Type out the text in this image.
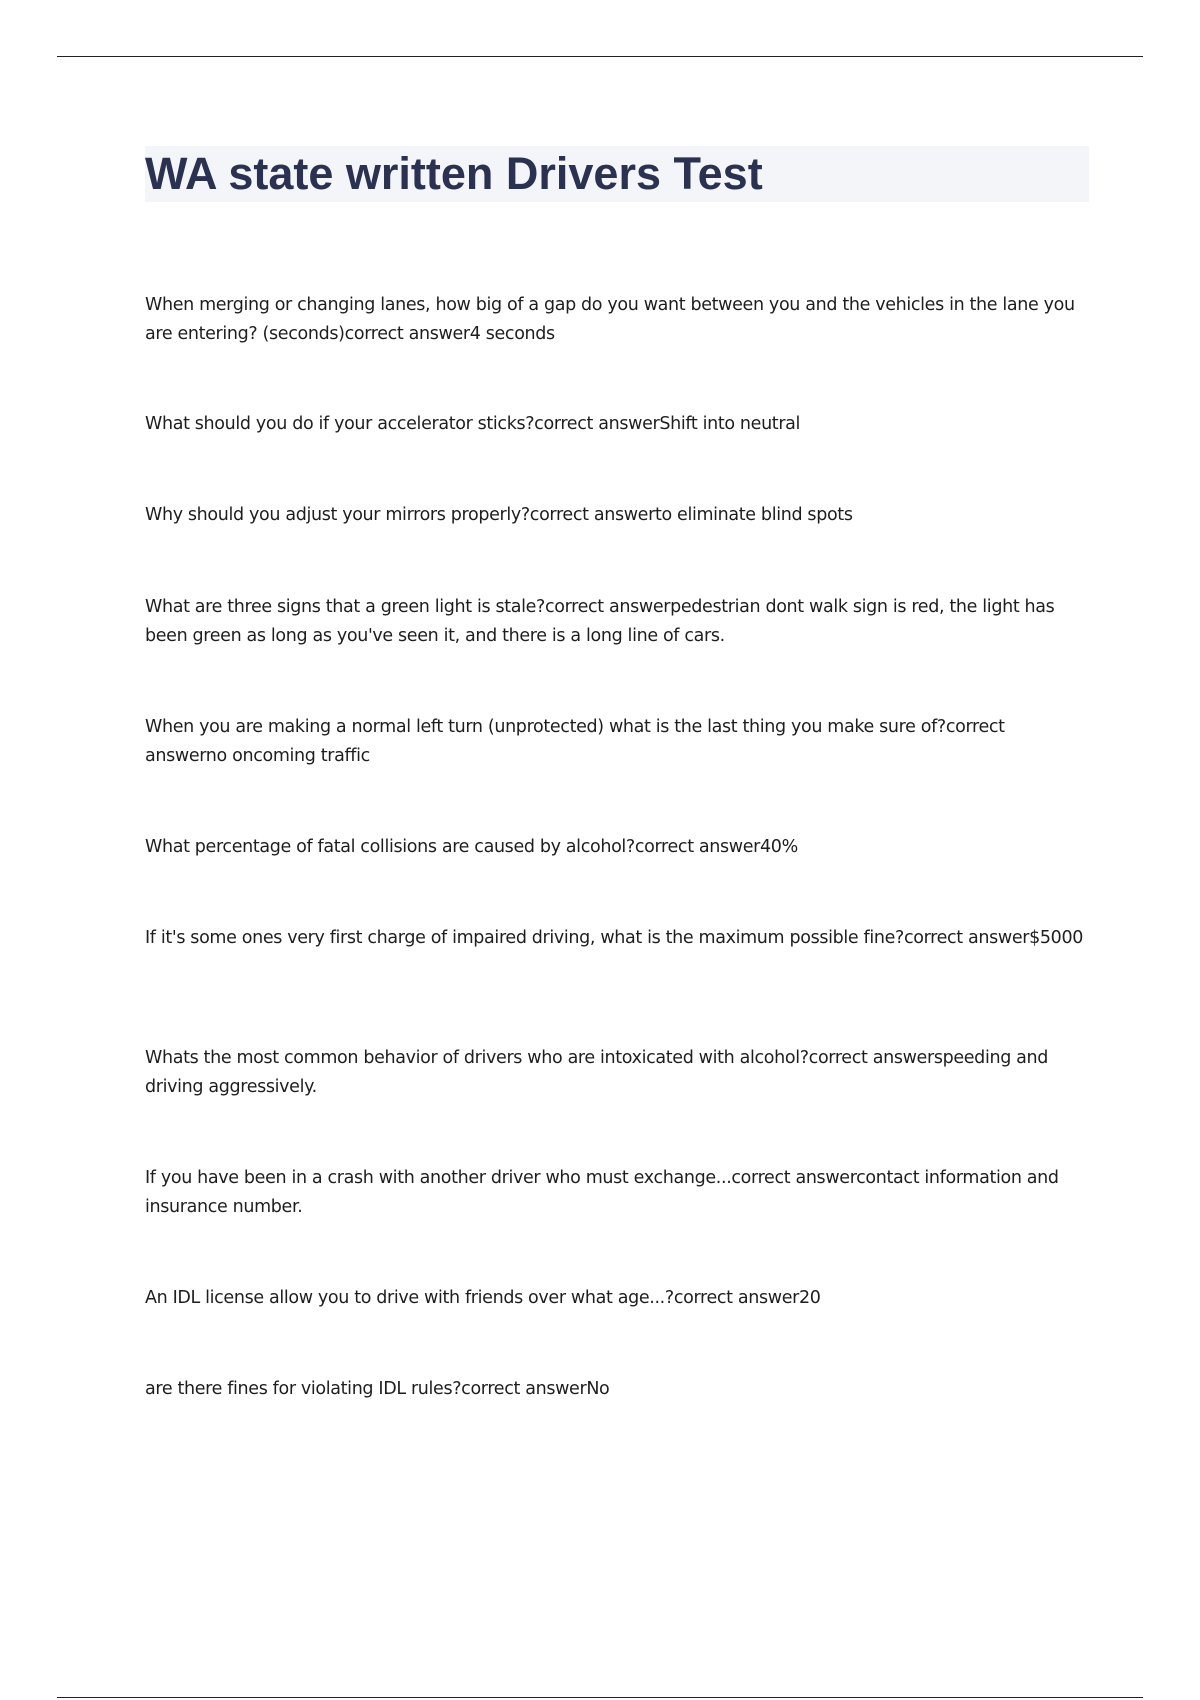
WA state written Drivers Test

When merging or changing lanes, how big of a gap do you want between you and the vehicles in the lane you are entering? (seconds)correct answer4 seconds

What should you do if your accelerator sticks?correct answerShift into neutral

Why should you adjust your mirrors properly?correct answerto eliminate blind spots

What are three signs that a green light is stale?correct answerpedestrian dont walk sign is red, the light has been green as long as you've seen it, and there is a long line of cars.

When you are making a normal left turn (unprotected) what is the last thing you make sure of?correct answerno oncoming traffic

What percentage of fatal collisions are caused by alcohol?correct answer40%

If it's some ones very first charge of impaired driving, what is the maximum possible fine?correct answer$5000

Whats the most common behavior of drivers who are intoxicated with alcohol?correct answerspeeding and driving aggressively.

If you have been in a crash with another driver who must exchange...correct answercontact information and insurance number.

An IDL license allow you to drive with friends over what age...?correct answer20

are there fines for violating IDL rules?correct answerNo
